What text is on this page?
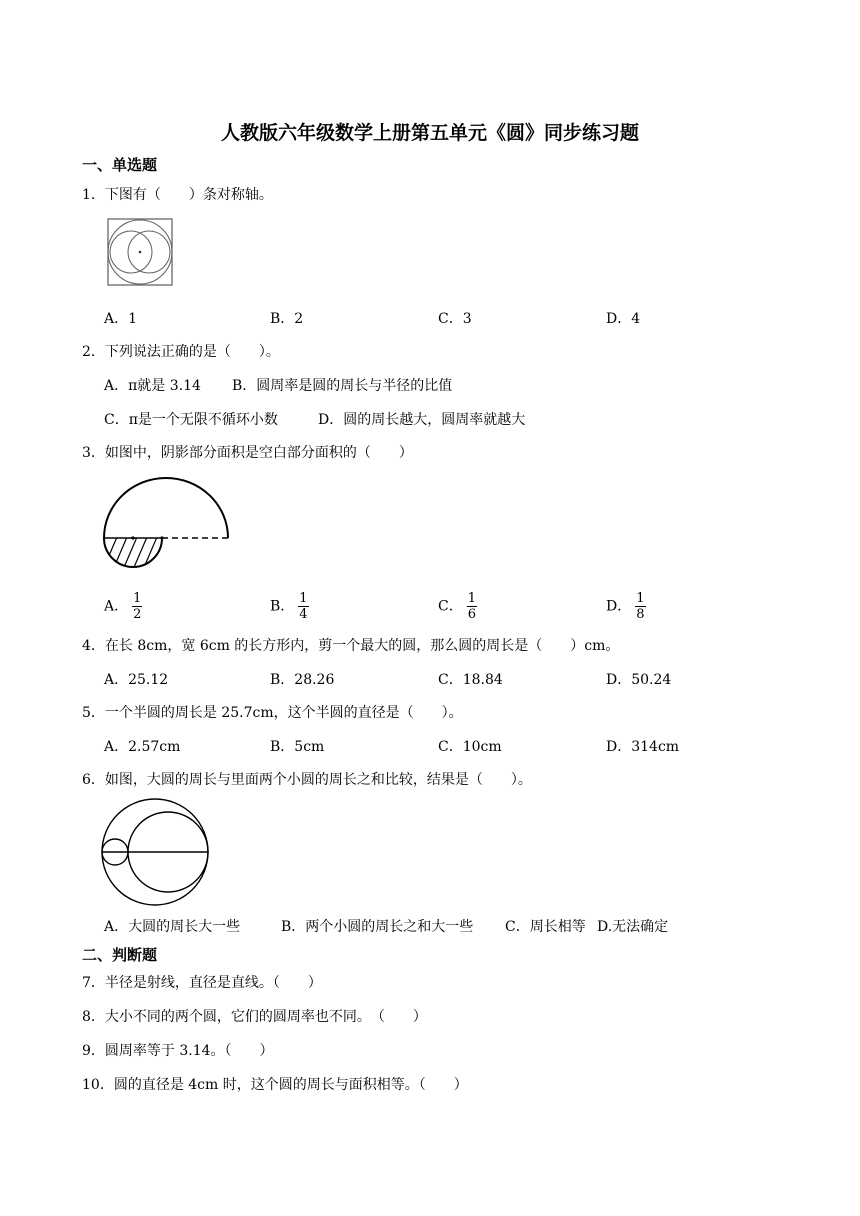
人教版六年级数学上册第五单元《圆》同步练习题
一、单选题
1．下图有（　　）条对称轴。
A．1	B．2	C．3	D．4
2．下列说法正确的是（　　）。
A．π就是 3.14 B．圆周率是圆的周长与半径的比值
C．π是一个无限不循环小数	D．圆的周长越大，圆周率就越大
3．如图中，阴影部分面积是空白部分面积的（　　）
A． $\frac{1}{2}$	B． $\frac{1}{4}$	C． $\frac{1}{6}$	D． $\frac{1}{8}$
4．在长 8cm，宽 6cm 的长方形内，剪一个最大的圆，那么圆的周长是（　　）cm。
A．25.12	B．28.26	C．18.84	D．50.24
5．一个半圆的周长是 25.7cm，这个半圆的直径是（　　）。
A．2.57cm	B．5cm	C．10cm	D．314cm
6．如图，大圆的周长与里面两个小圆的周长之和比较，结果是（　　）。
A．大圆的周长大一些	B．两个小圆的周长之和大一些 C．周长相等 D.无法确定
二、判断题
7．半径是射线，直径是直线。（　　）
8．大小不同的两个圆，它们的圆周率也不同。　（　　）
9．圆周率等于 3.14。（　　）
10．圆的直径是 4cm 时，这个圆的周长与面积相等。（　　）
